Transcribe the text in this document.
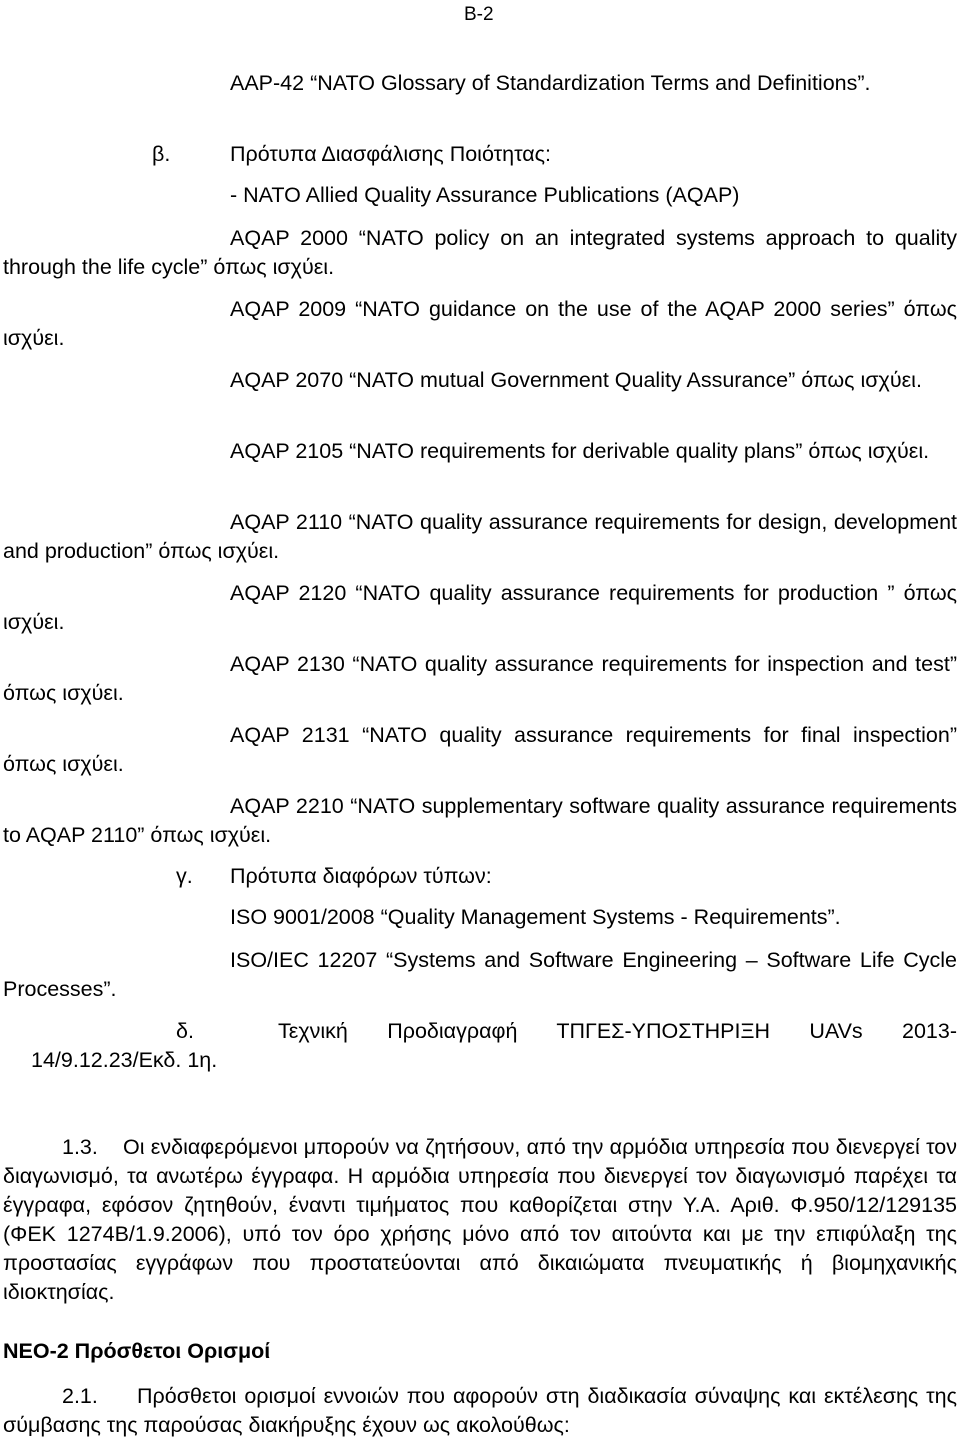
B-2

AAP-42 “NATO Glossary of Standardization Terms and Definitions”.

β.	Πρότυπα Διασφάλισης Ποιότητας:
- NATO Allied Quality Assurance Publications (AQAP)

AQAP 2000 “NATO policy on an integrated systems approach to quality through the life cycle” όπως ισχύει.

AQAP 2009 “NATO guidance on the use of the AQAP 2000 series” όπως ισχύει.

AQAP 2070 “NATO mutual Government Quality Assurance” όπως ισχύει.

AQAP 2105 “NATO requirements for derivable quality plans” όπως ισχύει.

AQAP 2110 “NATO quality assurance requirements for design, development and production” όπως ισχύει.

AQAP 2120 “NATO quality assurance requirements for production ” όπως ισχύει.

AQAP 2130 “NATO quality assurance requirements for inspection and test” όπως ισχύει.

AQAP 2131 “NATO quality assurance requirements for final inspection” όπως ισχύει.

AQAP 2210 “NATO supplementary software quality assurance requirements to AQAP 2110” όπως ισχύει.

γ. Πρότυπα διαφόρων τύπων:
ISO 9001/2008 “Quality Management Systems - Requirements”.

ISO/IEC 12207 “Systems and Software Engineering – Software Life Cycle Processes”.

δ.	Τεχνική Προδιαγραφή ΤΠΓΕΣ-ΥΠΟΣΤΗΡΙΞΗ UAVs 2013-

14/9.12.23/Εκδ. 1η.
1.3.	Οι ενδιαφερόμενοι μπορούν να ζητήσουν, από την αρμόδια υπηρεσία που διενεργεί τον διαγωνισμό, τα ανωτέρω έγγραφα. Η αρμόδια υπηρεσία που διενεργεί τον διαγωνισμό παρέχει τα έγγραφα, εφόσον ζητηθούν, έναντι τιμήματος που καθορίζεται στην Υ.Α. Αριθ. Φ.950/12/129135 (ΦΕΚ 1274Β/1.9.2006), υπό τον όρο χρήσης μόνο από τον αιτούντα και με την επιφύλαξη της προστασίας εγγράφων που προστατεύονται από δικαιώματα πνευματικής ή βιομηχανικής ιδιοκτησίας.

ΝΕΟ-2 Πρόσθετοι Ορισμοί
2.1.	Πρόσθετοι ορισμοί εννοιών που αφορούν στη διαδικασία σύναψης και εκτέλεσης της σύμβασης της παρούσας διακήρυξης έχουν ως ακολούθως:
